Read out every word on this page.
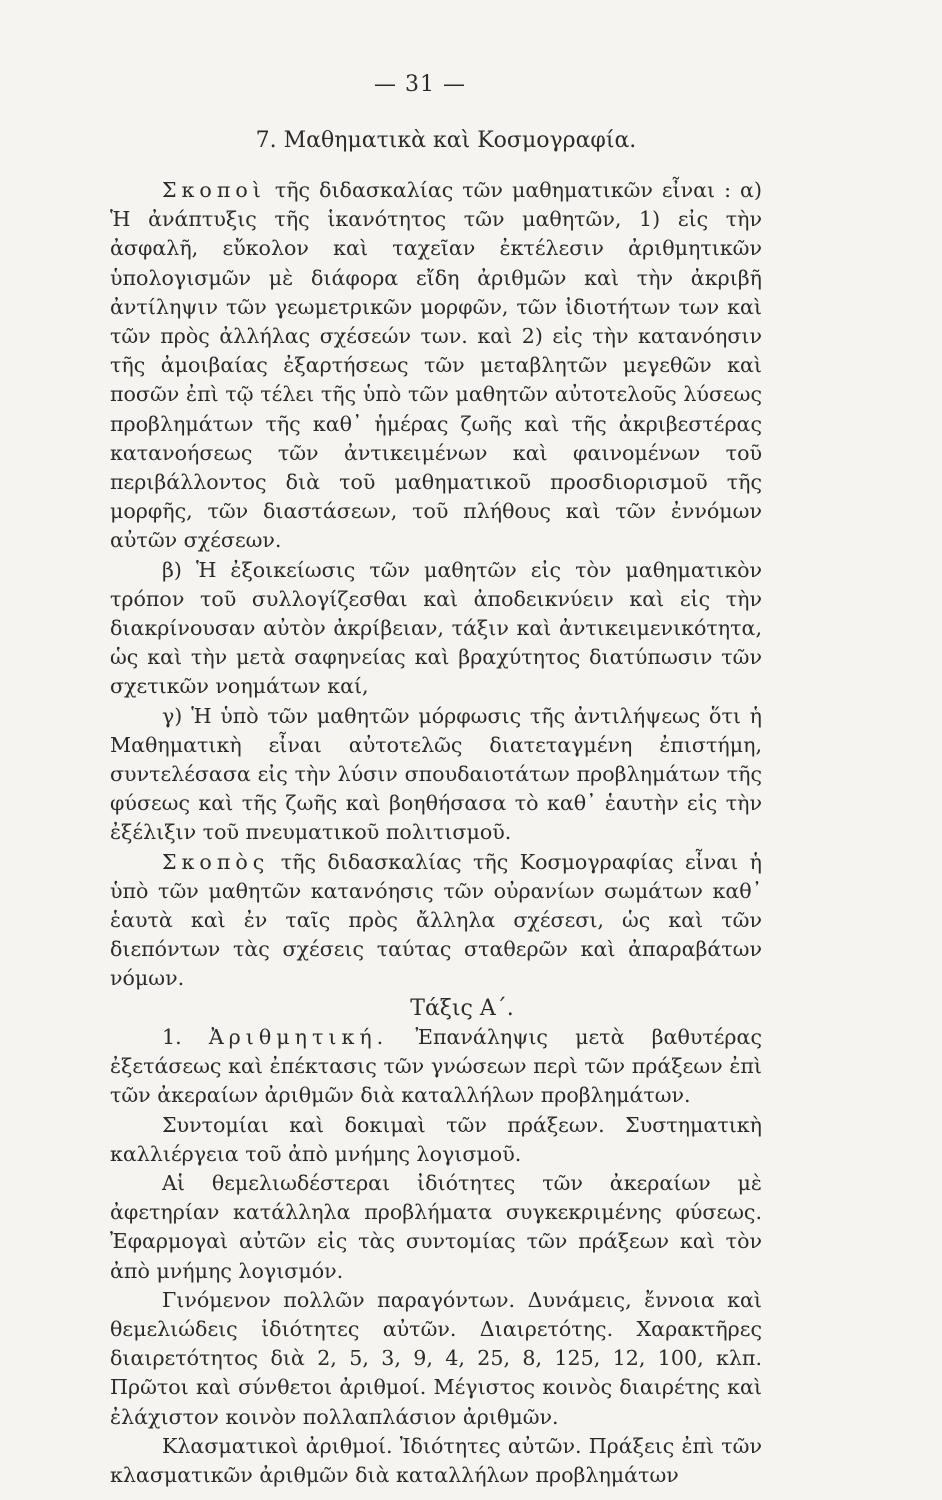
— 31 —
7. Μαθηματικὰ καὶ Κοσμογραφία.

Σκοποὶ τῆς διδασκαλίας τῶν μαθηματικῶν εἶναι : α) Ἡ ἀνάπτυξις τῆς ἱκανότητος τῶν μαθητῶν, 1) εἰς τὴν ἀσφαλῆ, εὔκολον καὶ ταχεῖαν ἐκτέλεσιν ἀριθμητικῶν ὑπολογισμῶν μὲ διάφορα εἴδη ἀριθμῶν καὶ τὴν ἀκριβῆ ἀντίληψιν τῶν γεωμετρικῶν μορφῶν, τῶν ἰδιοτήτων των καὶ τῶν πρὸς ἀλλήλας σχέσεών των. καὶ 2) εἰς τὴν κατανόησιν τῆς ἀμοιβαίας ἐξαρτήσεως τῶν μεταβλητῶν μεγεθῶν καὶ ποσῶν ἐπὶ τῷ τέλει τῆς ὑπὸ τῶν μαθητῶν αὐτοτελοῦς λύσεως προβλημάτων τῆς καθ᾽ ἡμέρας ζωῆς καὶ τῆς ἀκριβεστέρας κατανοήσεως τῶν ἀντικειμένων καὶ φαινομένων τοῦ περιβάλλοντος διὰ τοῦ μαθηματικοῦ προσδιορισμοῦ τῆς μορφῆς, τῶν διαστάσεων, τοῦ πλήθους καὶ τῶν ἐννόμων αὐτῶν σχέσεων.

β) Ἡ ἐξοικείωσις τῶν μαθητῶν εἰς τὸν μαθηματικὸν τρόπον τοῦ συλλογίζεσθαι καὶ ἀποδεικνύειν καὶ εἰς τὴν διακρίνουσαν αὐτὸν ἀκρίβειαν, τάξιν καὶ ἀντικειμενικότητα, ὡς καὶ τὴν μετὰ σαφηνείας καὶ βραχύτητος διατύπωσιν τῶν σχετικῶν νοημάτων καί,

γ) Ἡ ὑπὸ τῶν μαθητῶν μόρφωσις τῆς ἀντιλήψεως ὅτι ἡ Μαθηματικὴ εἶναι αὐτοτελῶς διατεταγμένη ἐπιστήμη, συντελέσασα εἰς τὴν λύσιν σπουδαιοτάτων προβλημάτων τῆς φύσεως καὶ τῆς ζωῆς καὶ βοηθήσασα τὸ καθ᾽ ἑαυτὴν εἰς τὴν ἐξέλιξιν τοῦ πνευματικοῦ πολιτισμοῦ.

Σκοπὸς τῆς διδασκαλίας τῆς Κοσμογραφίας εἶναι ἡ ὑπὸ τῶν μαθητῶν κατανόησις τῶν οὐρανίων σωμάτων καθ᾽ ἑαυτὰ καὶ ἐν ταῖς πρὸς ἄλληλα σχέσεσι, ὡς καὶ τῶν διεπόντων τὰς σχέσεις ταύτας σταθερῶν καὶ ἀπαραβάτων νόμων.

Τάξις Α΄.

1. Ἀριθμητική. Ἐπανάληψις μετὰ βαθυτέρας ἐξετάσεως καὶ ἐπέκτασις τῶν γνώσεων περὶ τῶν πράξεων ἐπὶ τῶν ἀκεραίων ἀριθμῶν διὰ καταλλήλων προβλημάτων.

Συντομίαι καὶ δοκιμαὶ τῶν πράξεων. Συστηματικὴ καλλιέργεια τοῦ ἀπὸ μνήμης λογισμοῦ.

Αἱ θεμελιωδέστεραι ἰδιότητες τῶν ἀκεραίων μὲ ἀφετηρίαν κατάλληλα προβλήματα συγκεκριμένης φύσεως. Ἐφαρμογαὶ αὐτῶν εἰς τὰς συντομίας τῶν πράξεων καὶ τὸν ἀπὸ μνήμης λογισμόν.

Γινόμενον πολλῶν παραγόντων. Δυνάμεις, ἔννοια καὶ θεμελιώδεις ἰδιότητες αὐτῶν. Διαιρετότης. Χαρακτῆρες διαιρετότητος διὰ 2, 5, 3, 9, 4, 25, 8, 125, 12, 100, κλπ. Πρῶτοι καὶ σύνθετοι ἀριθμοί. Μέγιστος κοινὸς διαιρέτης καὶ ἐλάχιστον κοινὸν πολλαπλάσιον ἀριθμῶν.

Κλασματικοὶ ἀριθμοί. Ἰδιότητες αὐτῶν. Πράξεις ἐπὶ τῶν κλασματικῶν ἀριθμῶν διὰ καταλλήλων προβλημάτων
